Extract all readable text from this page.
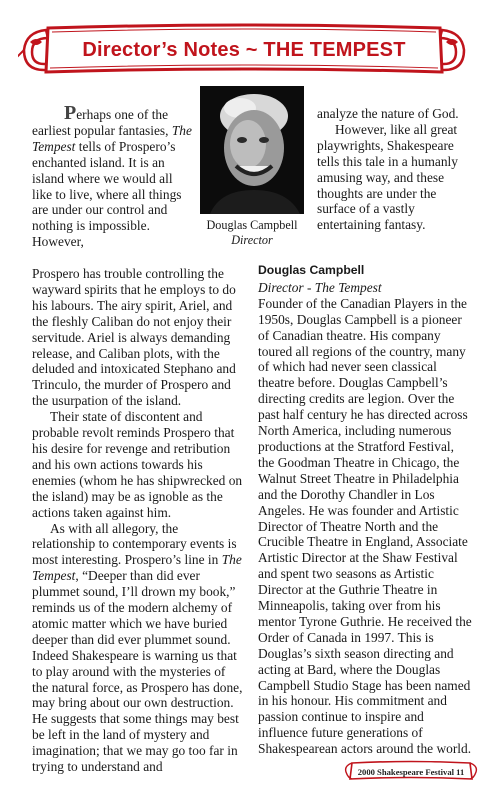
Director’s Notes ~ THE TEMPEST

Perhaps one of the earliest popular fantasies, The Tempest tells of Prospero’s enchanted island. It is an island where we would all like to live, where all things are under our control and nothing is impossible. However,

Douglas Campbell
Director

analyze the nature of God.

However, like all great playwrights, Shakespeare tells this tale in a humanly amusing way, and these thoughts are under the surface of a vastly entertaining fantasy.

Prospero has trouble controlling the wayward spirits that he employs to do his labours. The airy spirit, Ariel, and the fleshly Caliban do not enjoy their servitude. Ariel is always demanding release, and Caliban plots, with the deluded and intoxicated Stephano and Trinculo, the murder of Prospero and the usurpation of the island.

Their state of discontent and probable revolt reminds Prospero that his desire for revenge and retribution and his own actions towards his enemies (whom he has shipwrecked on the island) may be as ignoble as the actions taken against him.

As with all allegory, the relationship to contemporary events is most interesting. Prospero’s line in The Tempest, “Deeper than did ever plummet sound, I’ll drown my book,” reminds us of the modern alchemy of atomic matter which we have buried deeper than did ever plummet sound. Indeed Shakespeare is warning us that to play around with the mysteries of the natural force, as Prospero has done, may bring about our own destruction. He suggests that some things may best be left in the land of mystery and imagination; that we may go too far in trying to understand and

Douglas Campbell
Director - The Tempest
Founder of the Canadian Players in the 1950s, Douglas Campbell is a pioneer of Canadian theatre. His company toured all regions of the country, many of which had never seen classical theatre before. Douglas Campbell’s directing credits are legion. Over the past half century he has directed across North America, including numerous productions at the Stratford Festival, the Goodman Theatre in Chicago, the Walnut Street Theatre in Philadelphia and the Dorothy Chandler in Los Angeles. He was founder and Artistic Director of Theatre North and the Crucible Theatre in England, Associate Artistic Director at the Shaw Festival and spent two seasons as Artistic Director at the Guthrie Theatre in Minneapolis, taking over from his mentor Tyrone Guthrie. He received the Order of Canada in 1997. This is Douglas’s sixth season directing and acting at Bard, where the Douglas Campbell Studio Stage has been named in his honour. His commitment and passion continue to inspire and influence future generations of Shakespearean actors around the world.
2000 Shakespeare Festival 11
